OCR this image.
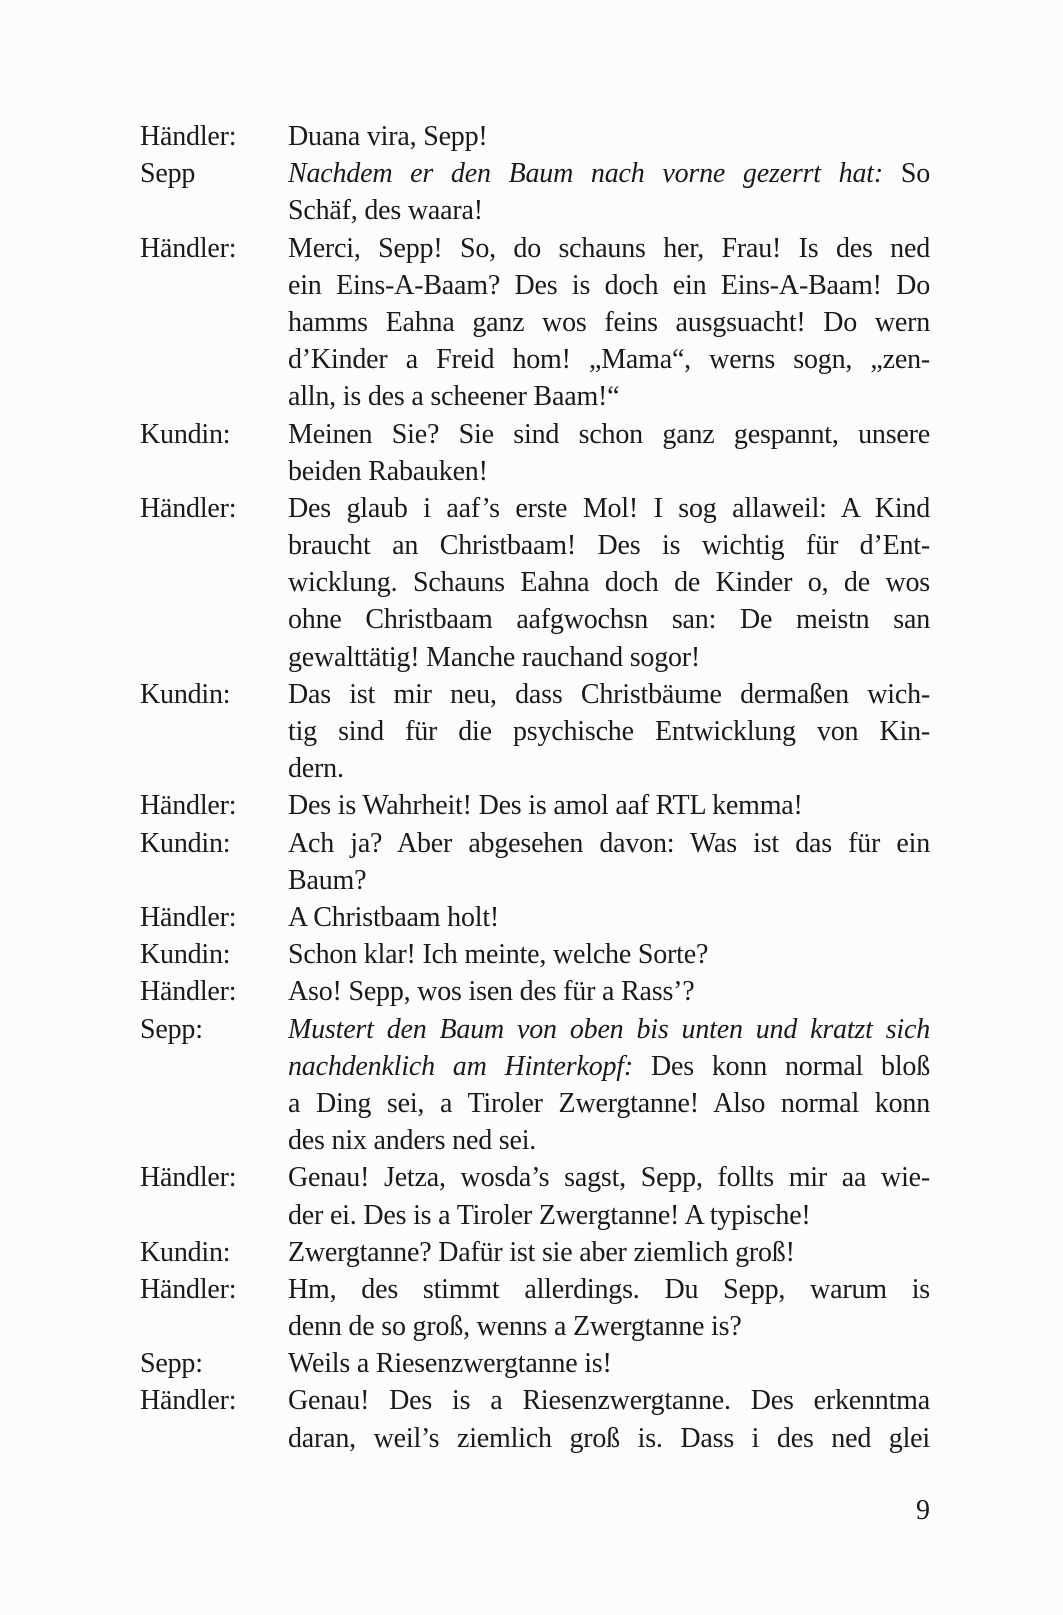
Händler:	Duana vira, Sepp!
Sepp	Nachdem er den Baum nach vorne gezerrt hat: So
Schäf, des waara!
Händler:	Merci, Sepp! So, do schauns her, Frau! Is des ned
ein Eins-A-Baam? Des is doch ein Eins-A-Baam! Do
hamms Eahna ganz wos feins ausgsuacht! Do wern
d’Kinder a Freid hom! „Mama“, werns sogn, „zen-
alln, is des a scheener Baam!“
Kundin:	Meinen Sie? Sie sind schon ganz gespannt, unsere
beiden Rabauken!
Händler:	Des glaub i aaf’s erste Mol! I sog allaweil: A Kind
braucht an Christbaam! Des is wichtig für d’Ent-
wicklung. Schauns Eahna doch de Kinder o, de wos
ohne Christbaam aafgwochsn san: De meistn san
gewalttätig! Manche rauchand sogor!
Kundin:	Das ist mir neu, dass Christbäume dermaßen wich-
tig sind für die psychische Entwicklung von Kin-
dern.
Händler:	Des is Wahrheit! Des is amol aaf RTL kemma!
Kundin:	Ach ja? Aber abgesehen davon: Was ist das für ein
Baum?
Händler:	A Christbaam holt!
Kundin:	Schon klar! Ich meinte, welche Sorte?
Händler:	Aso! Sepp, wos isen des für a Rass’?
Sepp:	Mustert den Baum von oben bis unten und kratzt sich
nachdenklich am Hinterkopf: Des konn normal bloß
a Ding sei, a Tiroler Zwergtanne! Also normal konn
des nix anders ned sei.
Händler:	Genau! Jetza, wosda’s sagst, Sepp, follts mir aa wie-
der ei. Des is a Tiroler Zwergtanne! A typische!
Kundin:	Zwergtanne? Dafür ist sie aber ziemlich groß!
Händler:	Hm, des stimmt allerdings. Du Sepp, warum is
denn de so groß, wenns a Zwergtanne is?
Sepp:	Weils a Riesenzwergtanne is!
Händler:	Genau! Des is a Riesenzwergtanne. Des erkenntma
daran, weil’s ziemlich groß is. Dass i des ned glei
9
